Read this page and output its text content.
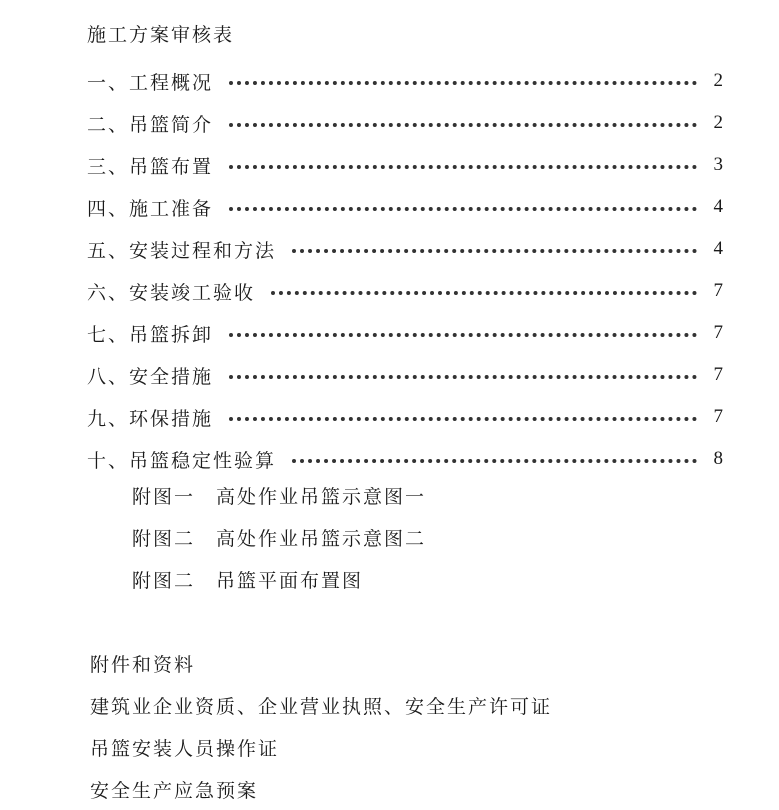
施工方案审核表
一、工程概况	2
二、吊篮简介	2
三、吊篮布置	3
四、施工准备	4
五、安装过程和方法	4
六、安装竣工验收	7
七、吊篮拆卸	7
八、安全措施	7
九、环保措施	7
十、吊篮稳定性验算	8
附图一	高处作业吊篮示意图一
附图二	高处作业吊篮示意图二
附图二	吊篮平面布置图
附件和资料
建筑业企业资质、企业营业执照、安全生产许可证
吊篮安装人员操作证
安全生产应急预案
